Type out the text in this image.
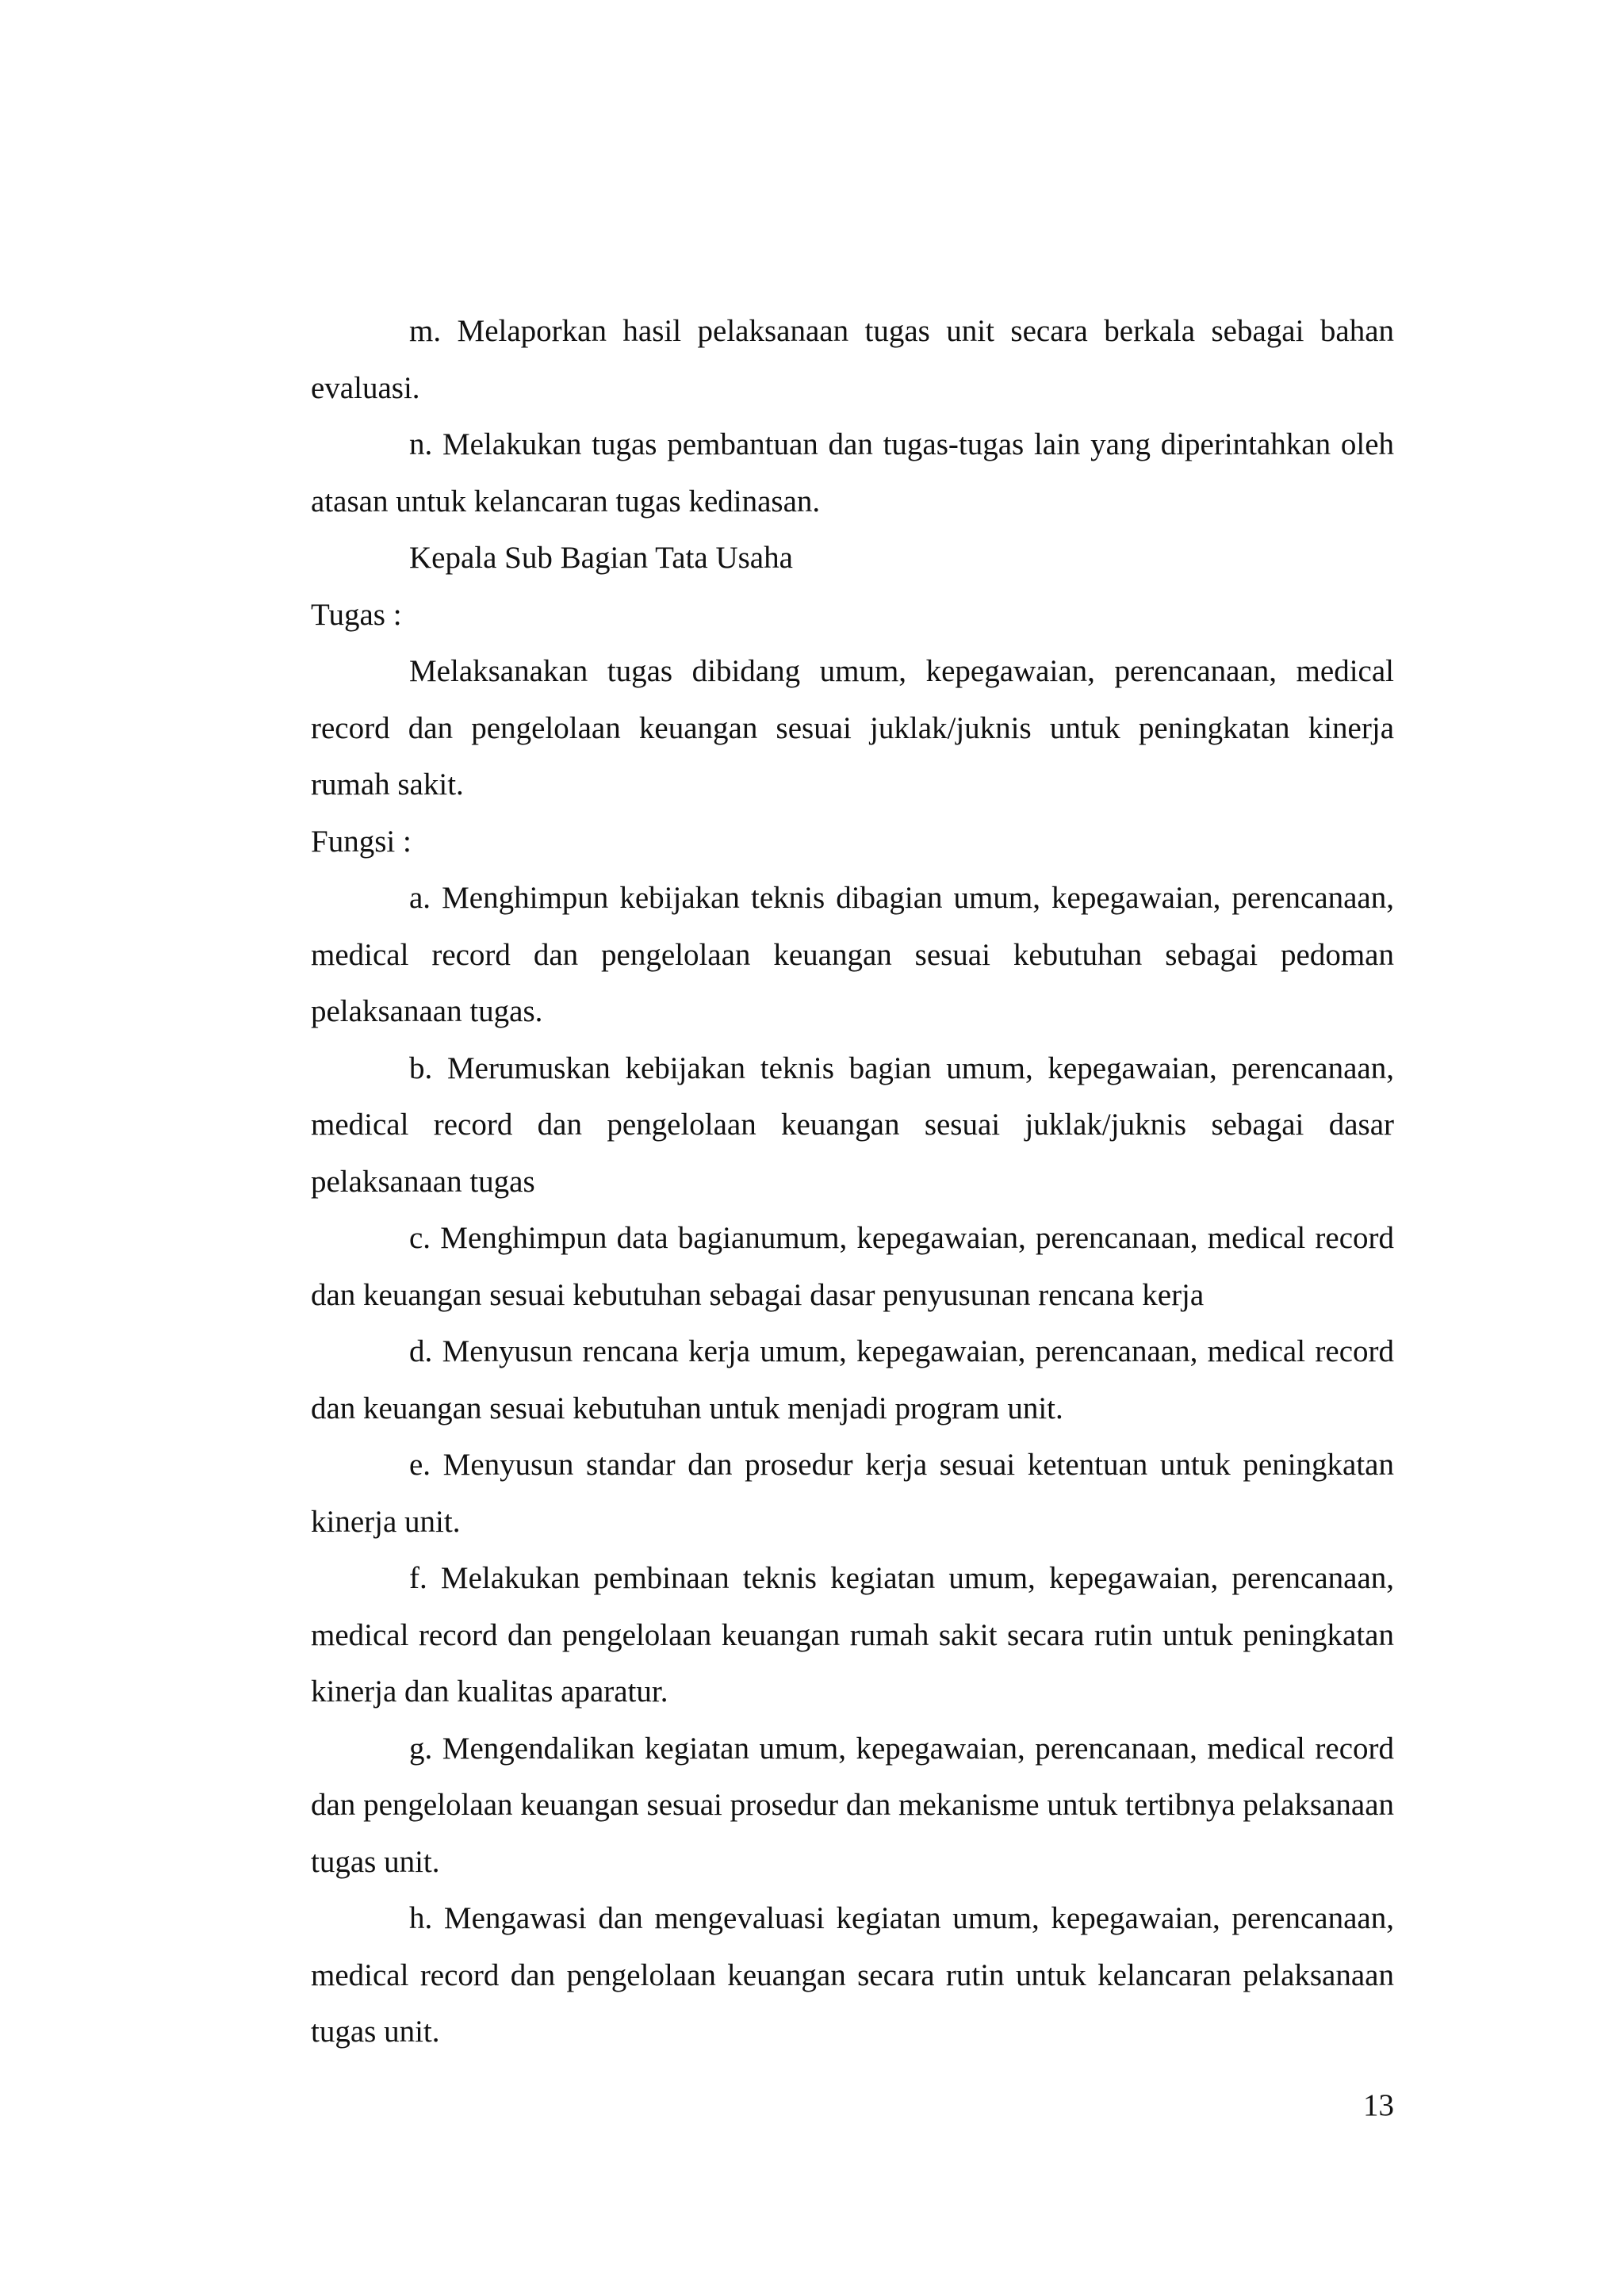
m. Melaporkan hasil pelaksanaan tugas unit secara berkala sebagai bahan evaluasi.

n. Melakukan tugas pembantuan dan tugas-tugas lain yang diperintahkan oleh atasan untuk kelancaran tugas kedinasan.

Kepala Sub Bagian Tata Usaha

Tugas :

Melaksanakan tugas dibidang umum, kepegawaian, perencanaan, medical record dan pengelolaan keuangan sesuai juklak/juknis untuk peningkatan kinerja rumah sakit.

Fungsi :

a. Menghimpun kebijakan teknis dibagian umum, kepegawaian, perencanaan, medical record dan pengelolaan keuangan sesuai kebutuhan sebagai pedoman pelaksanaan tugas.

b. Merumuskan kebijakan teknis bagian umum, kepegawaian, perencanaan, medical record dan pengelolaan keuangan sesuai juklak/juknis sebagai dasar pelaksanaan tugas

c. Menghimpun data bagianumum, kepegawaian, perencanaan, medical record dan keuangan sesuai kebutuhan sebagai dasar penyusunan rencana kerja

d. Menyusun rencana kerja umum, kepegawaian, perencanaan, medical record dan keuangan sesuai kebutuhan untuk menjadi program unit.

e. Menyusun standar dan prosedur kerja sesuai ketentuan untuk peningkatan kinerja unit.

f. Melakukan pembinaan teknis kegiatan umum, kepegawaian, perencanaan, medical record dan pengelolaan keuangan rumah sakit secara rutin untuk peningkatan kinerja dan kualitas aparatur.

g. Mengendalikan kegiatan umum, kepegawaian, perencanaan, medical record dan pengelolaan keuangan sesuai prosedur dan mekanisme untuk tertibnya pelaksanaan tugas unit.

h. Mengawasi dan mengevaluasi kegiatan umum, kepegawaian, perencanaan, medical record dan pengelolaan keuangan secara rutin untuk kelancaran pelaksanaan tugas unit.

13
